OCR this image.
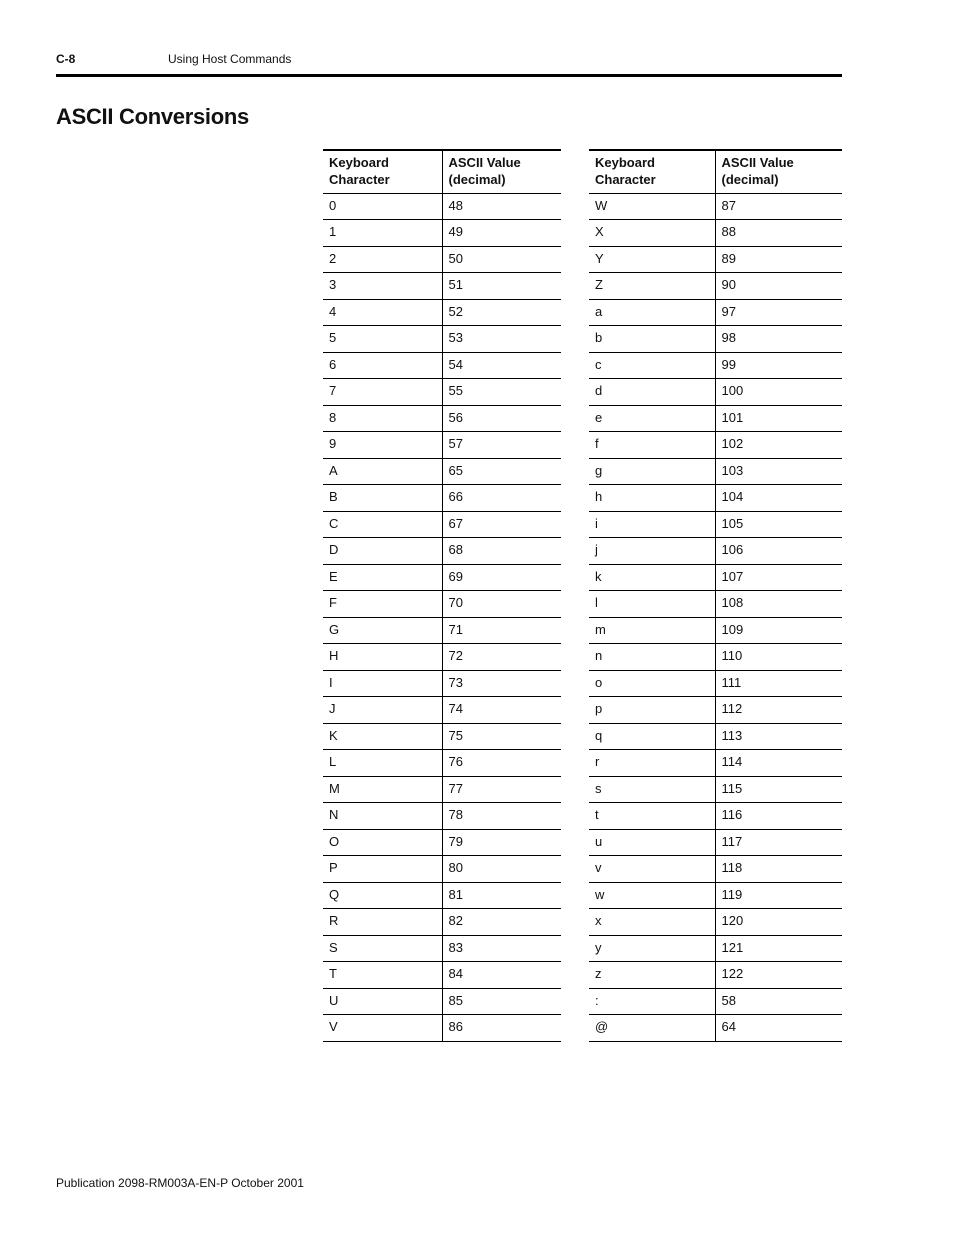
C-8	Using Host Commands
ASCII Conversions
Keyboard
Character	ASCII Value
(decimal)
0	48
1	49
2	50
3	51
4	52
5	53
6	54
7	55
8	56
9	57
A	65
B	66
C	67
D	68
E	69
F	70
G	71
H	72
I	73
J	74
K	75
L	76
M	77
N	78
O	79
P	80
Q	81
R	82
S	83
T	84
U	85
V	86
Keyboard
Character	ASCII Value
(decimal)
W	87
X	88
Y	89
Z	90
a	97
b	98
c	99
d	100
e	101
f	102
g	103
h	104
i	105
j	106
k	107
l	108
m	109
n	110
o	111
p	112
q	113
r	114
s	115
t	116
u	117
v	118
w	119
x	120
y	121
z	122
:	58
@	64
Publication 2098-RM003A-EN-P October 2001
